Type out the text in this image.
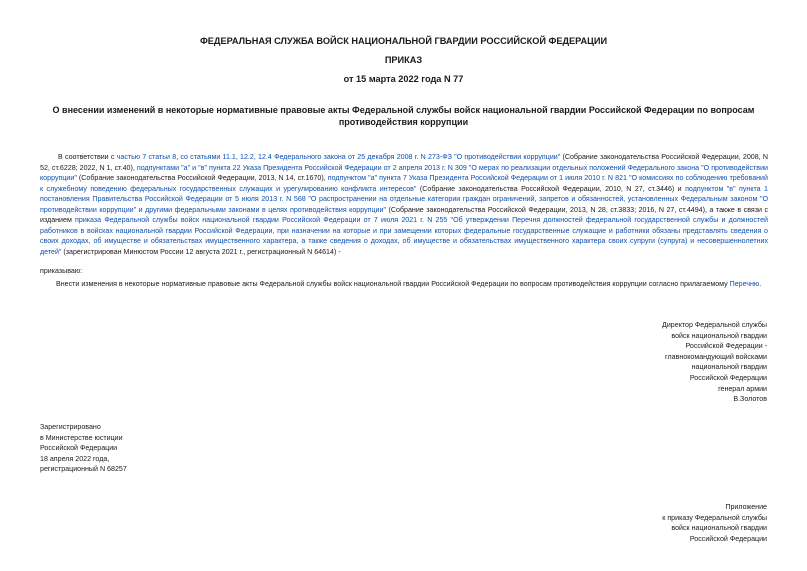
ФЕДЕРАЛЬНАЯ СЛУЖБА ВОЙСК НАЦИОНАЛЬНОЙ ГВАРДИИ РОССИЙСКОЙ ФЕДЕРАЦИИ
ПРИКАЗ
от 15 марта 2022 года N 77
О внесении изменений в некоторые нормативные правовые акты Федеральной службы войск национальной гвардии Российской Федерации по вопросам противодействия коррупции
В соответствии с частью 7 статьи 8, со статьями 11.1, 12.2, 12.4 Федерального закона от 25 декабря 2008 г. N 273-ФЗ "О противодействии коррупции" (Собрание законодательства Российской Федерации, 2008, N 52, ст.6228; 2022, N 1, ст.40), подпунктами "а" и "в" пункта 22 Указа Президента Российской Федерации от 2 апреля 2013 г. N 309 "О мерах по реализации отдельных положений Федерального закона "О противодействии коррупции" (Собрание законодательства Российской Федерации, 2013, N 14, ст.1670), подпунктом "а" пункта 7 Указа Президента Российской Федерации от 1 июля 2010 г. N 821 "О комиссиях по соблюдению требований к служебному поведению федеральных государственных служащих и урегулированию конфликта интересов" (Собрание законодательства Российской Федерации, 2010, N 27, ст.3446) и подпунктом "в" пункта 1 постановления Правительства Российской Федерации от 5 июля 2013 г. N 568 "О распространении на отдельные категории граждан ограничений, запретов и обязанностей, установленных Федеральным законом "О противодействии коррупции" и другими федеральными законами в целях противодействия коррупции" (Собрание законодательства Российской Федерации, 2013, N 28, ст.3833; 2016, N 27, ст.4494), а также в связи с изданием приказа Федеральной службы войск национальной гвардии Российской Федерации от 7 июля 2021 г. N 255 "Об утверждении Перечня должностей федеральной государственной службы и должностей работников в войсках национальной гвардии Российской Федерации, при назначении на которые и при замещении которых федеральные государственные служащие и работники обязаны представлять сведения о своих доходах, об имуществе и обязательствах имущественного характера, а также сведения о доходах, об имуществе и обязательствах имущественного характера своих супруги (супруга) и несовершеннолетних детей" (зарегистрирован Минюстом России 12 августа 2021 г., регистрационный N 64614) -
приказываю:
Внести изменения в некоторые нормативные правовые акты Федеральной службы войск национальной гвардии Российской Федерации по вопросам противодействия коррупции согласно прилагаемому Перечню.
Директор Федеральной службы
войск национальной гвардии
Российской Федерации -
главнокомандующий войсками
национальной гвардии
Российской Федерации
генерал армии
В.Золотов
Зарегистрировано
в Министерстве юстиции
Российской Федерации
18 апреля 2022 года,
регистрационный N 68257
Приложение
к приказу Федеральной службы
войск национальной гвардии
Российской Федерации
